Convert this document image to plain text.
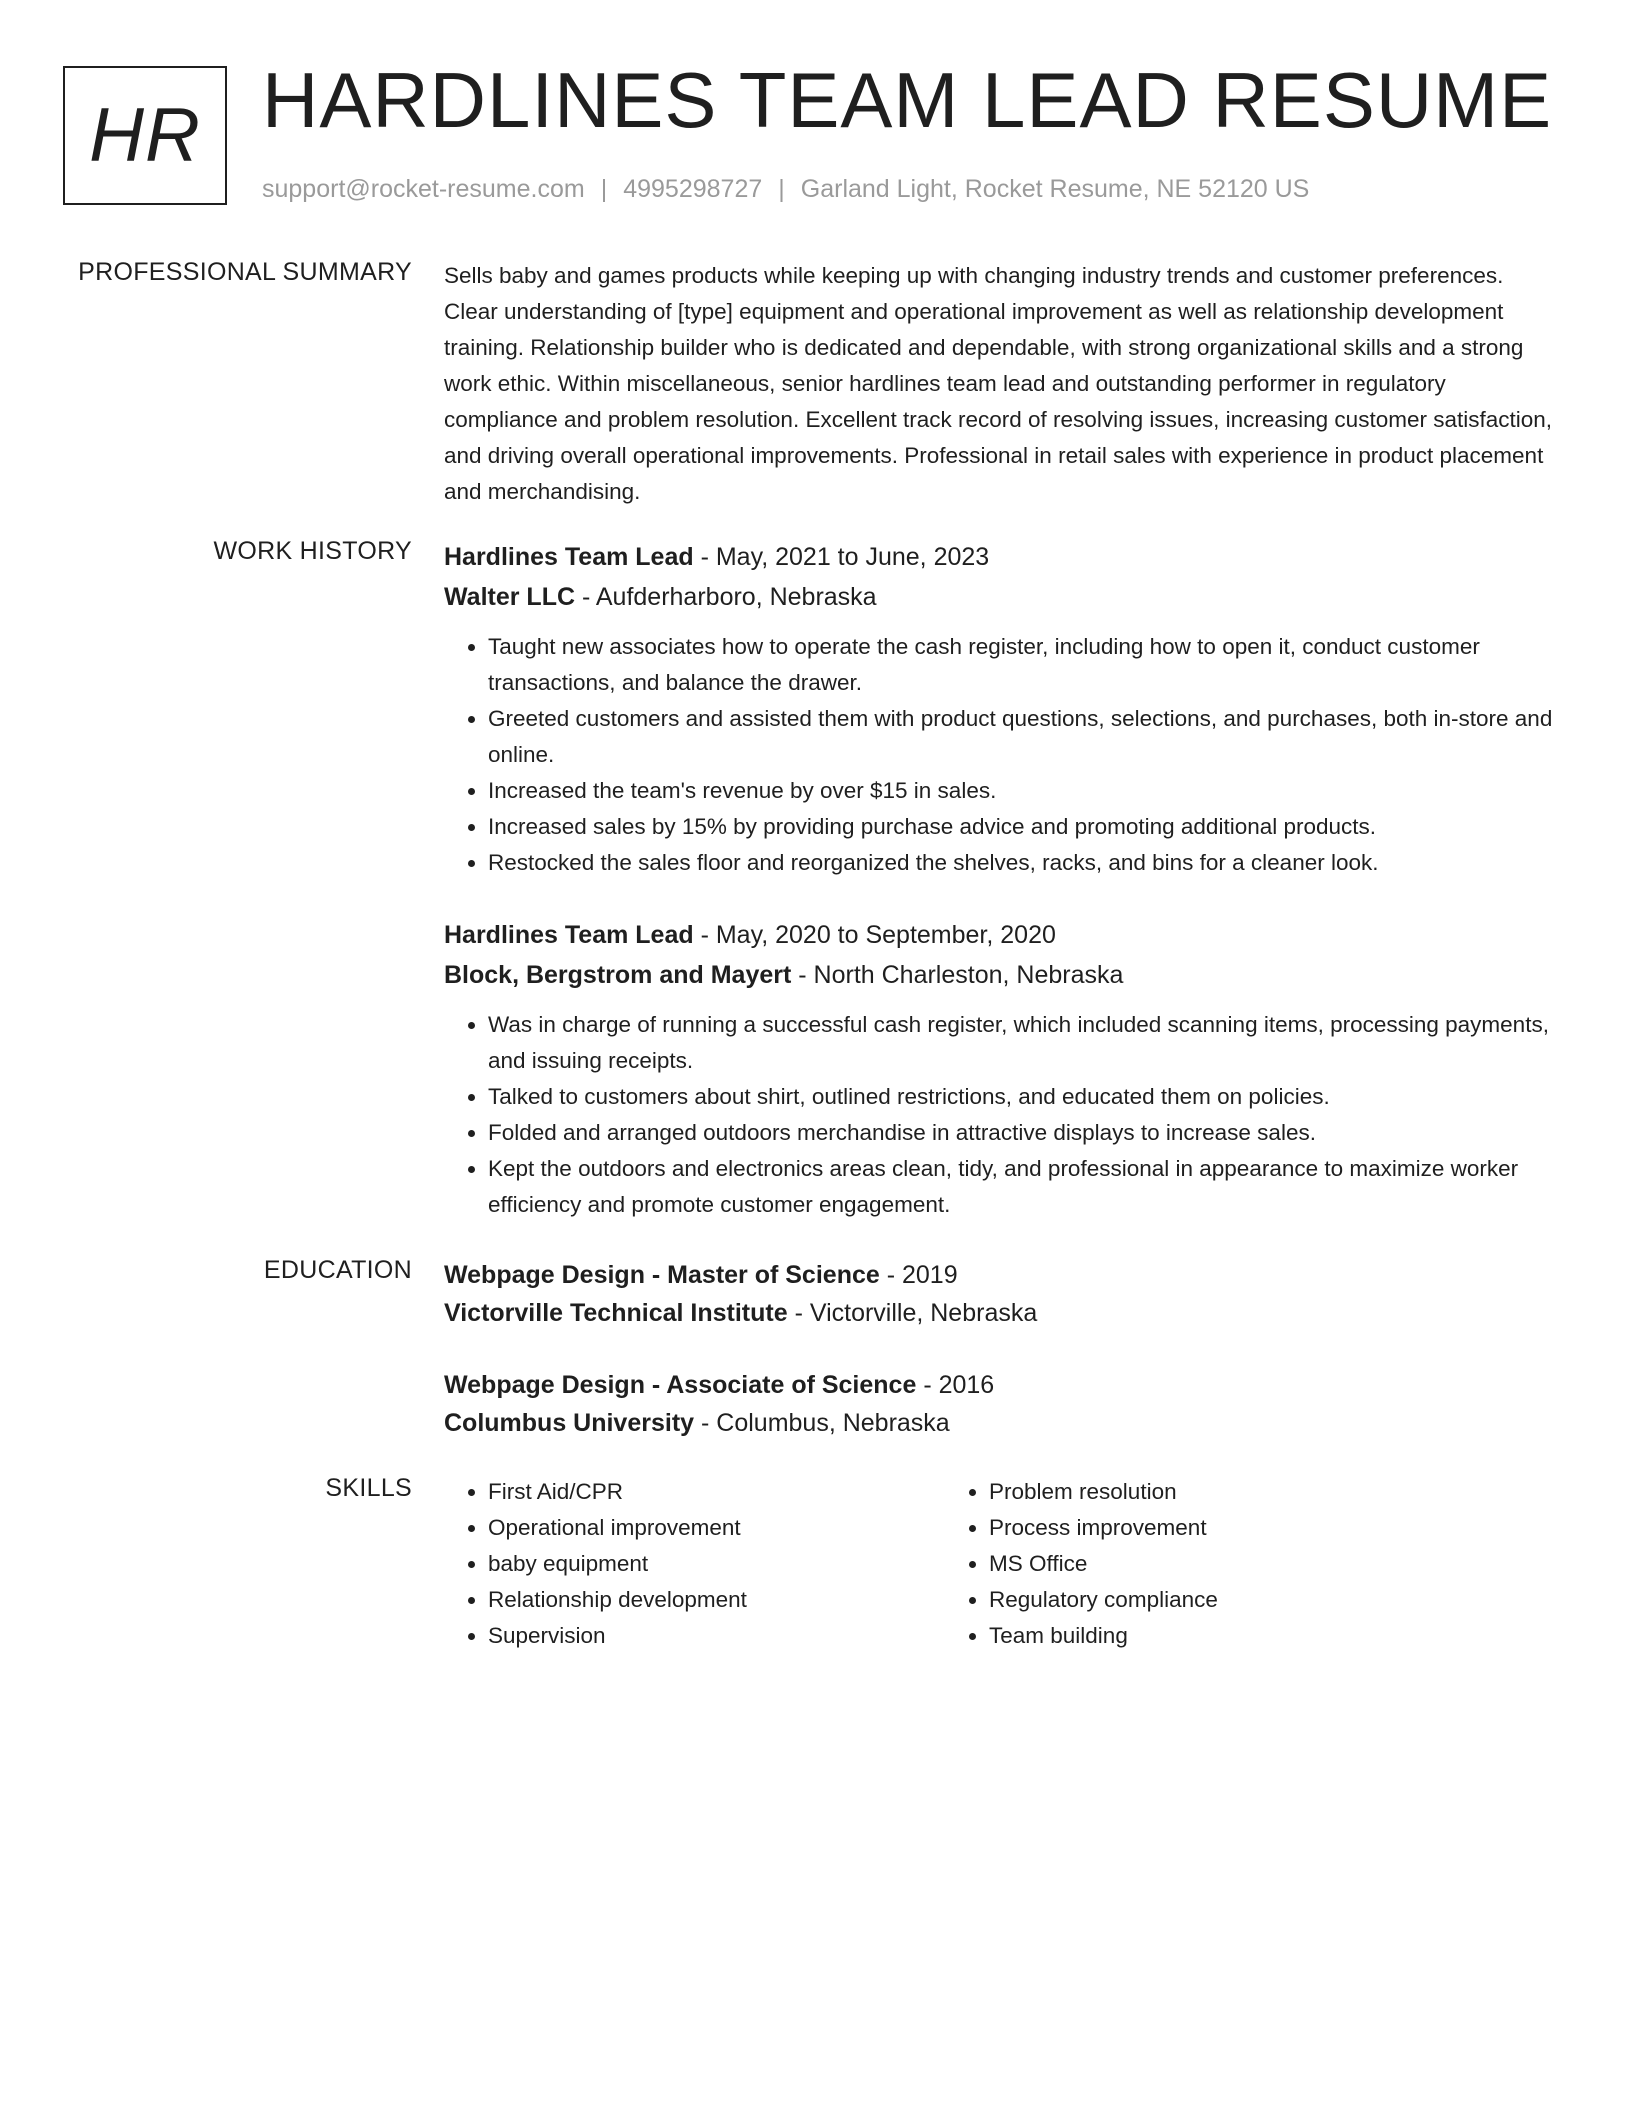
HR HARDLINES TEAM LEAD RESUME
support@rocket-resume.com | 4995298727 | Garland Light, Rocket Resume, NE 52120 US
PROFESSIONAL SUMMARY Sells baby and games products while keeping up with changing industry trends and customer preferences. Clear understanding of [type] equipment and operational improvement as well as relationship development training. Relationship builder who is dedicated and dependable, with strong organizational skills and a strong work ethic. Within miscellaneous, senior hardlines team lead and outstanding performer in regulatory compliance and problem resolution. Excellent track record of resolving issues, increasing customer satisfaction, and driving overall operational improvements. Professional in retail sales with experience in product placement and merchandising.

WORK HISTORY Hardlines Team Lead - May, 2021 to June, 2023
Walter LLC - Aufderharboro, Nebraska
• Taught new associates how to operate the cash register, including how to open it, conduct customer transactions, and balance the drawer.
• Greeted customers and assisted them with product questions, selections, and purchases, both in-store and online.
• Increased the team's revenue by over $15 in sales.
• Increased sales by 15% by providing purchase advice and promoting additional products.
• Restocked the sales floor and reorganized the shelves, racks, and bins for a cleaner look.
Hardlines Team Lead - May, 2020 to September, 2020
Block, Bergstrom and Mayert - North Charleston, Nebraska
• Was in charge of running a successful cash register, which included scanning items, processing payments, and issuing receipts.
• Talked to customers about shirt, outlined restrictions, and educated them on policies.
• Folded and arranged outdoors merchandise in attractive displays to increase sales.
• Kept the outdoors and electronics areas clean, tidy, and professional in appearance to maximize worker efficiency and promote customer engagement.
EDUCATION Webpage Design - Master of Science - 2019
Victorville Technical Institute - Victorville, Nebraska
Webpage Design - Associate of Science - 2016
Columbus University - Columbus, Nebraska
SKILLS
•	First Aid/CPR
• Operational improvement
• baby equipment
• Relationship development
• Supervision
• Problem resolution
• Process improvement
• MS Office
• Regulatory compliance
• Team building
